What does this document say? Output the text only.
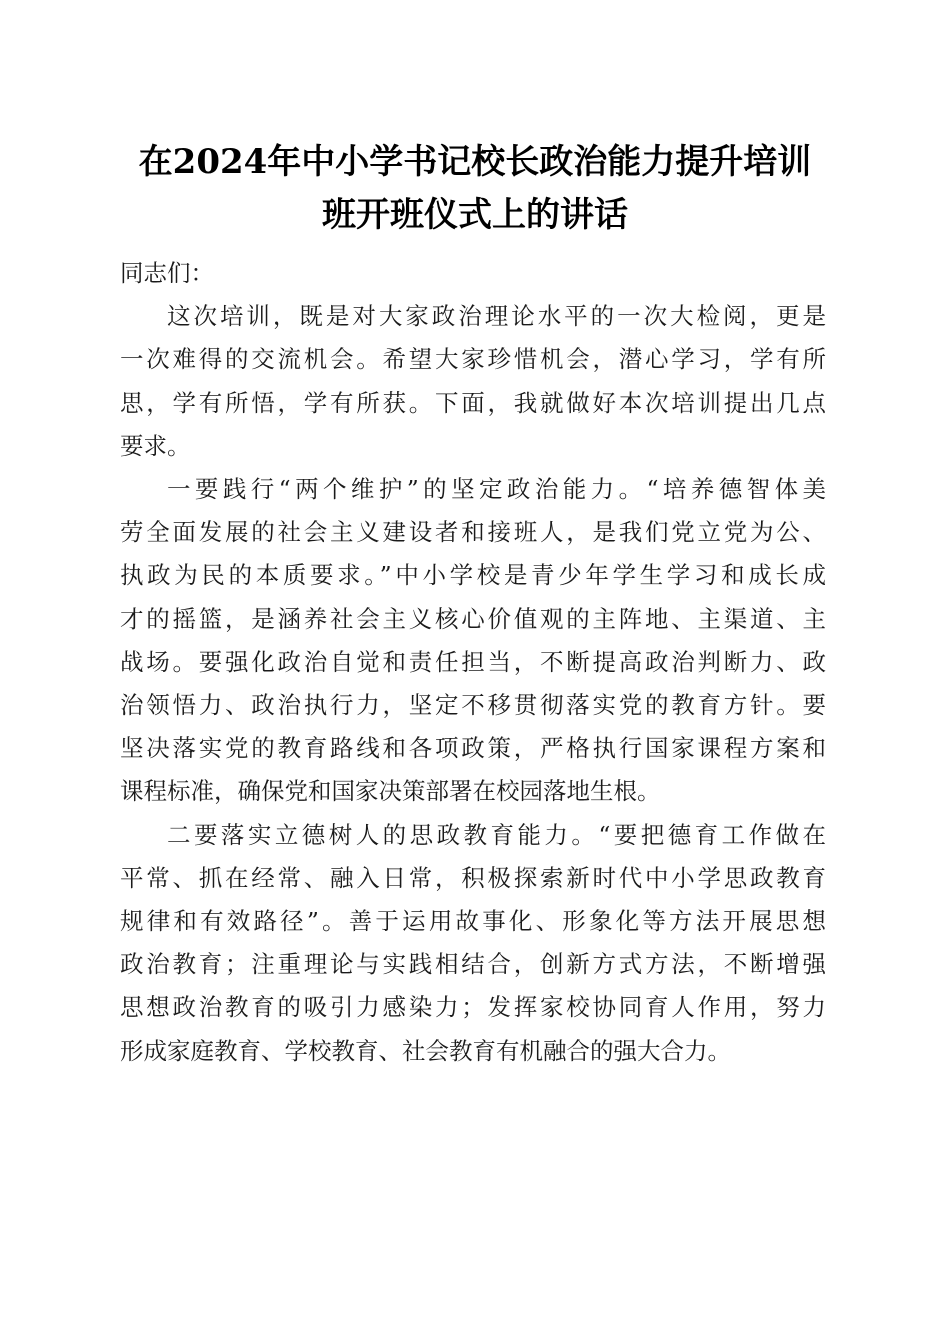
在2024年中小学书记校长政治能力提升培训
班开班仪式上的讲话

同志们：

这次培训，既是对大家政治理论水平的一次大检阅，更是
一次难得的交流机会。希望大家珍惜机会，潜心学习，学有所
思，学有所悟，学有所获。下面，我就做好本次培训提出几点
要求。
一要践行“两个维护”的坚定政治能力。“培养德智体美
劳全面发展的社会主义建设者和接班人，是我们党立党为公、
执政为民的本质要求。”中小学校是青少年学生学习和成长成
才的摇篮，是涵养社会主义核心价值观的主阵地、主渠道、主
战场。要强化政治自觉和责任担当，不断提高政治判断力、政
治领悟力、政治执行力，坚定不移贯彻落实党的教育方针。要
坚决落实党的教育路线和各项政策，严格执行国家课程方案和
课程标准，确保党和国家决策部署在校园落地生根。
二要落实立德树人的思政教育能力。“要把德育工作做在
平常、抓在经常、融入日常，积极探索新时代中小学思政教育
规律和有效路径”。善于运用故事化、形象化等方法开展思想
政治教育；注重理论与实践相结合，创新方式方法，不断增强
思想政治教育的吸引力感染力；发挥家校协同育人作用，努力
形成家庭教育、学校教育、社会教育有机融合的强大合力。
